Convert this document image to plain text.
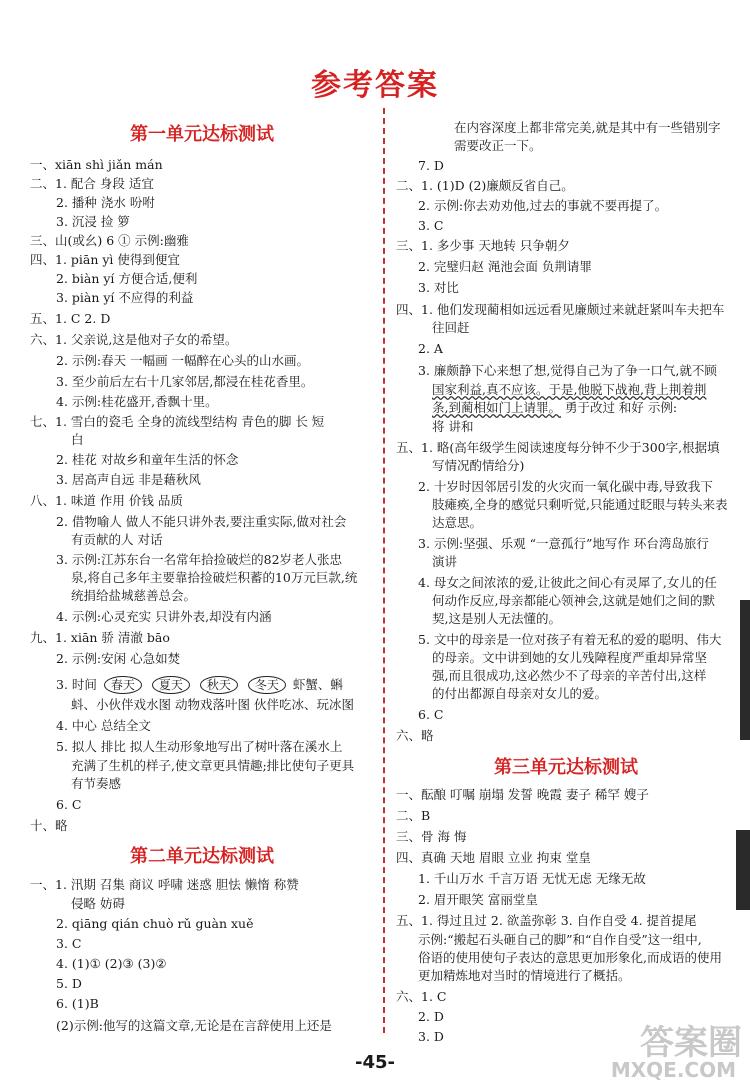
参考答案
第一单元达标测试
一、xiān shì jiǎn mán
二、1. 配合 身段 适宜
2. 播种 浇水 吩咐
3. 沉浸 捡 箩
三、山(或幺) 6 ① 示例:幽雅
四、1. piān yì 使得到便宜
2. biàn yí 方便合适,便利
3. piàn yí 不应得的利益
五、1. C 2. D
六、1. 父亲说,这是他对子女的希望。
2. 示例:春天 一幅画 一幅醉在心头的山水画。
3. 至少前后左右十几家邻居,都浸在桂花香里。
4. 示例:桂花盛开,香飘十里。
七、1. 雪白的瓷毛 全身的流线型结构 青色的脚 长 短
白
2. 桂花 对故乡和童年生活的怀念
3. 居高声自远 非是藉秋风
八、1. 味道 作用 价钱 品质
2. 借物喻人 做人不能只讲外表,要注重实际,做对社会
有贡献的人 对话
3. 示例:江苏东台一名常年拾捡破烂的82岁老人张忠
泉,将自己多年主要靠拾捡破烂积蓄的10万元巨款,统
统捐给盐城慈善总会。
4. 示例:心灵充实 只讲外表,却没有内涵
九、1. xiān 骄 清澈 bāo
2. 示例:安闲 心急如焚
3. 时间 春天 夏天 秋天 冬天 虾蟹、蝌
蚪、小伙伴戏水图 动物戏落叶图 伙伴吃冰、玩冰图
4. 中心 总结全文
5. 拟人 排比 拟人生动形象地写出了树叶落在溪水上
充满了生机的样子,使文章更具情趣;排比使句子更具
有节奏感
6. C
十、略
第二单元达标测试
一、1. 汛期 召集 商议 呼啸 迷惑 胆怯 懒惰 称赞
侵略 妨碍
2. qiāng qián chuò rǔ guàn xuě
3. C
4. (1)① (2)③ (3)②
5. D
6. (1)B
(2)示例:他写的这篇文章,无论是在言辞使用上还是
在内容深度上都非常完美,就是其中有一些错别字
需要改正一下。
7. D
二、1. (1)D (2)廉颇反省自己。
2. 示例:你去劝劝他,过去的事就不要再提了。
3. C
三、1. 多少事 天地转 只争朝夕
2. 完璧归赵 渑池会面 负荆请罪
3. 对比
四、1. 他们发现蔺相如远远看见廉颇过来就赶紧叫车夫把车
往回赶
2. A
3. 廉颇静下心来想了想,觉得自己为了争一口气,就不顾
国家利益,真不应该。于是,他脱下战袍,背上荆着荆
条,到蔺相如门上请罪。 勇于改过 和好 示例:
将 讲和
五、1. 略(高年级学生阅读速度每分钟不少于300字,根据填
写情况酌情给分)
2. 十岁时因邻居引发的火灾而一氧化碳中毒,导致我下
肢瘫痪,全身的感觉只剩听觉,只能通过眨眼与转头来表
达意思。
3. 示例:坚强、乐观 “一意孤行”地写作 环台湾岛旅行
演讲
4. 母女之间浓浓的爱,让彼此之间心有灵犀了,女儿的任
何动作反应,母亲都能心领神会,这就是她们之间的默
契,这是别人无法懂的。
5. 文中的母亲是一位对孩子有着无私的爱的聪明、伟大
的母亲。文中讲到她的女儿残障程度严重却异常坚
强,而且很成功,这必然少不了母亲的辛苦付出,这样
的付出都源自母亲对女儿的爱。
6. C
六、略
第三单元达标测试
一、酝酿 叮嘱 崩塌 发誓 晚霞 妻子 稀罕 嫂子
二、B
三、骨 海 悔
四、真确 天地 眉眼 立业 拘束 堂皇
1. 千山万水 千言万语 无忧无虑 无缘无故
2. 眉开眼笑 富丽堂皇
五、1. 得过且过 2. 欲盖弥彰 3. 自作自受 4. 提首提尾
示例:“搬起石头砸自己的脚”和“自作自受”这一组中,
俗语的使用使句子表达的意思更加形象化,而成语的使用
更加精炼地对当时的情境进行了概括。
六、1. C
2. D
3. D	答案圈
MXQE.COM
-45-
